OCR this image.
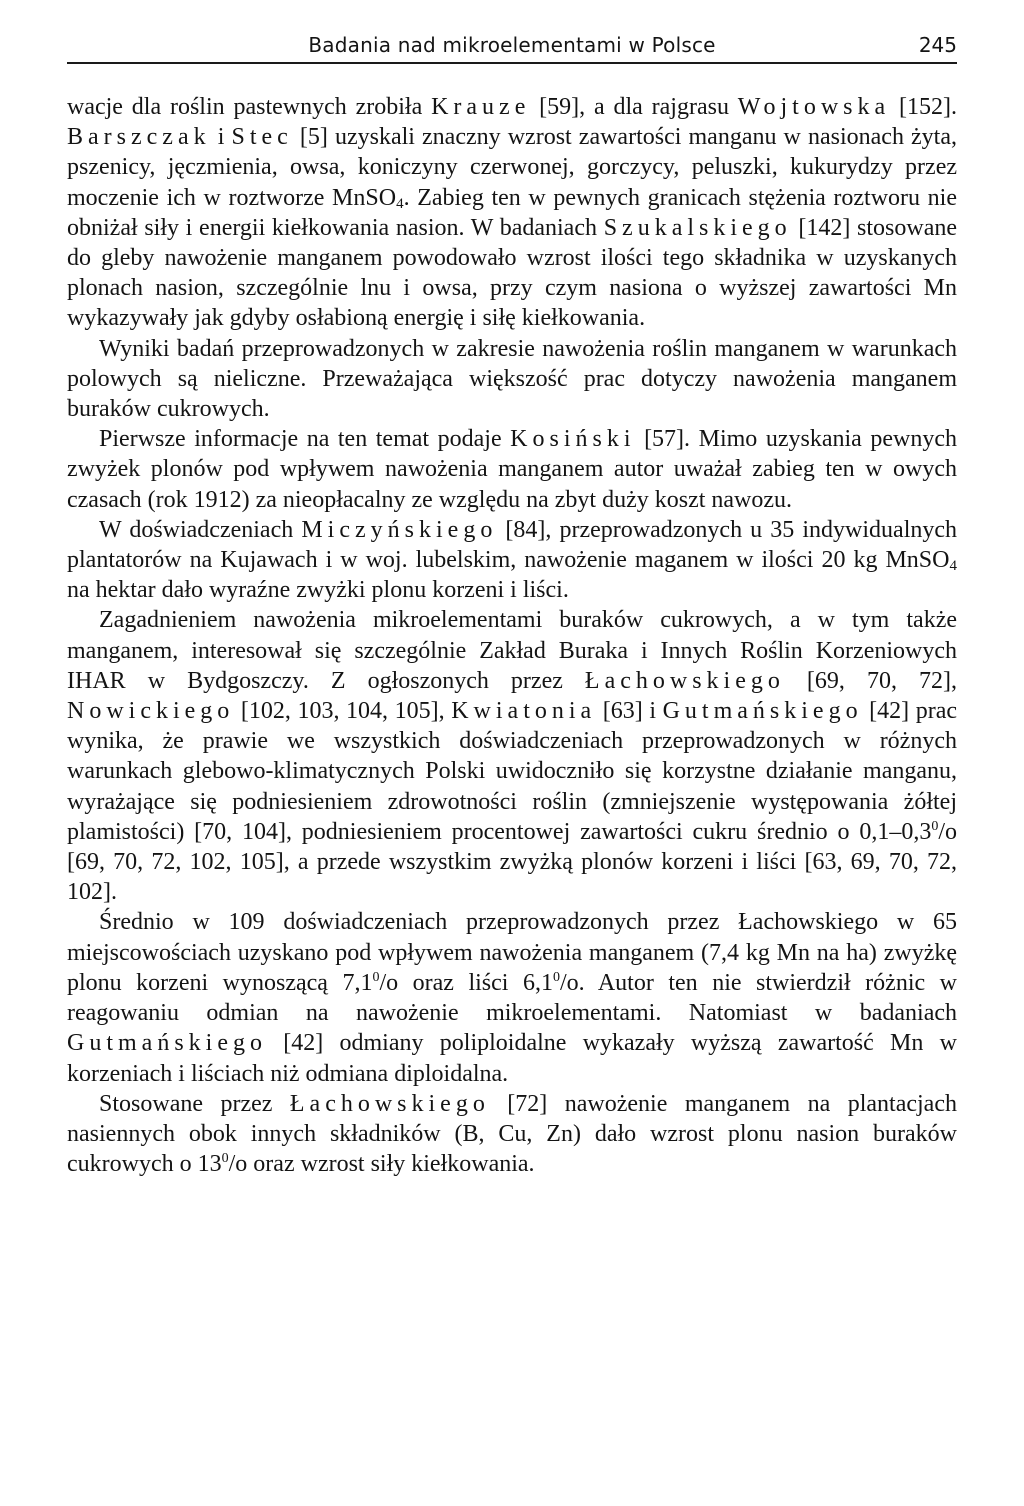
Badania nad mikroelementami w Polsce	245

wacje dla roślin pastewnych zrobiła Krauze [59], a dla rajgrasu Wojtowska [152]. Barszczak i Stec [5] uzyskali znaczny wzrost zawartości manganu w nasionach żyta, pszenicy, jęczmienia, owsa, koniczyny czerwonej, gorczycy, peluszki, kukurydzy przez moczenie ich w roztworze MnSO$_4$. Zabieg ten w pewnych granicach stężenia roztworu nie obniżał siły i energii kiełkowania nasion. W badaniach Szukalskiego [142] stosowane do gleby nawożenie manganem powodowało wzrost ilości tego składnika w uzyskanych plonach nasion, szczególnie lnu i owsa, przy czym nasiona o wyższej zawartości Mn wykazywały jak gdyby osłabioną energię i siłę kiełkowania.

Wyniki badań przeprowadzonych w zakresie nawożenia roślin manganem w warunkach polowych są nieliczne. Przeważająca większość prac dotyczy nawożenia manganem buraków cukrowych.

Pierwsze informacje na ten temat podaje Kosiński [57]. Mimo uzyskania pewnych zwyżek plonów pod wpływem nawożenia manganem autor uważał zabieg ten w owych czasach (rok 1912) za nieopłacalny ze względu na zbyt duży koszt nawozu.

W doświadczeniach Miczyńskiego [84], przeprowadzonych u 35 indywidualnych plantatorów na Kujawach i w woj. lubelskim, nawożenie maganem w ilości 20 kg MnSO$_4$ na hektar dało wyraźne zwyżki plonu korzeni i liści.

Zagadnieniem nawożenia mikroelementami buraków cukrowych, a w tym także manganem, interesował się szczególnie Zakład Buraka i Innych Roślin Korzeniowych IHAR w Bydgoszczy. Z ogłoszonych przez Łachowskiego [69, 70, 72], Nowickiego [102, 103, 104, 105], Kwiatonia [63] i Gutmańskiego [42] prac wynika, że prawie we wszystkich doświadczeniach przeprowadzonych w różnych warunkach glebowo-klimatycznych Polski uwidoczniło się korzystne działanie manganu, wyrażające się podniesieniem zdrowotności roślin (zmniejszenie występowania żółtej plamistości) [70, 104], podniesieniem procentowej zawartości cukru średnio o $0,1-0,3^0/o$ [69, 70, 72, 102, 105], a przede wszystkim zwyżką plonów korzeni i liści [63, 69, 70, 72, 102].

Średnio w 109 doświadczeniach przeprowadzonych przez Łachowskiego w 65 miejscowościach uzyskano pod wpływem nawożenia manganem (7,4 kg Mn na ha) zwyżkę plonu korzeni wynoszącą $7,1^0/o$ oraz liści $6,1^0/o$. Autor ten nie stwierdził różnic w reagowaniu odmian na nawożenie mikroelementami. Natomiast w badaniach Gutmańskiego [42] odmiany poliploidalne wykazały wyższą zawartość Mn w korzeniach i liściach niż odmiana diploidalna.

Stosowane przez Łachowskiego [72] nawożenie manganem na plantacjach nasiennych obok innych składników (B, Cu, Zn) dało wzrost plonu nasion buraków cukrowych o $13^0/o$ oraz wzrost siły kiełkowania.
